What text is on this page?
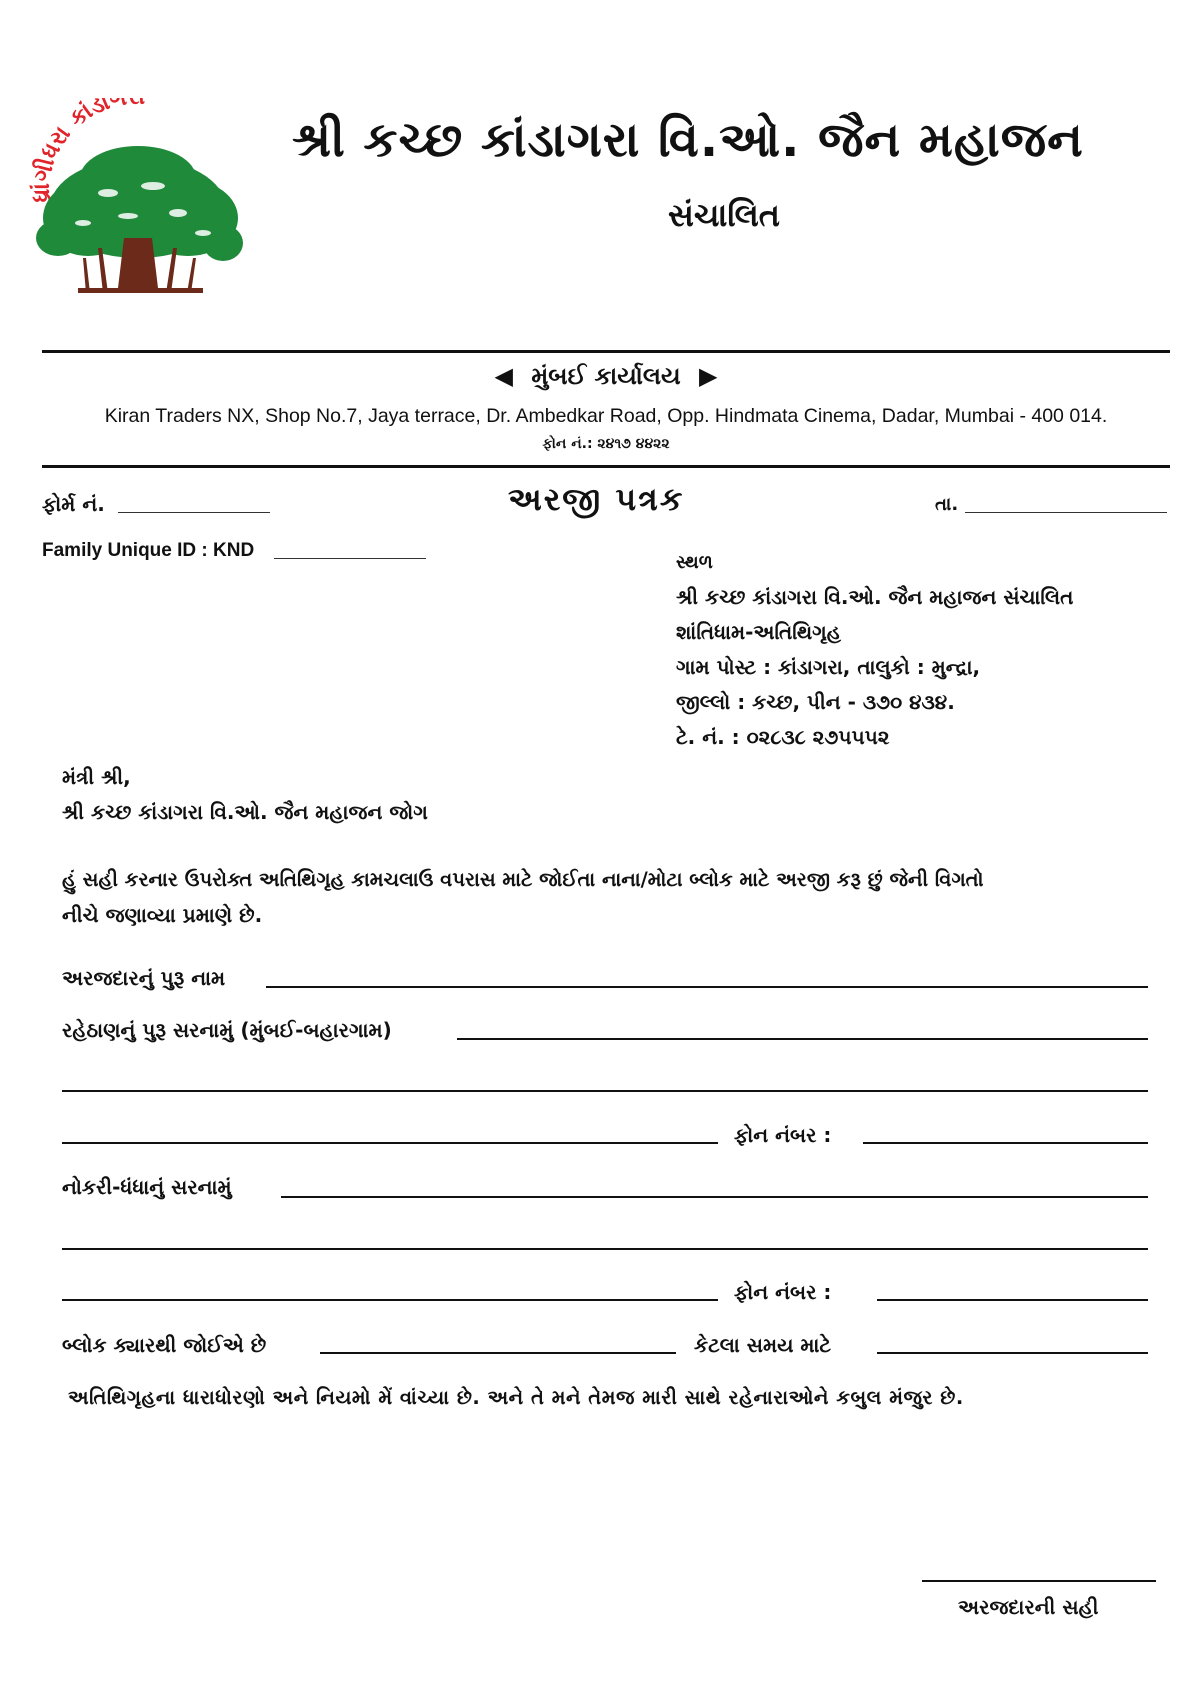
ધ્રાંગીધરા કાંડાગ
શ્રી કચ્છ કાંડાગરા વિ.ઓ. જૈન મહાજન
સંચાલિત
◀ મુંબઈ કાર્યાલય ▶
Kiran Traders NX, Shop No.7, Jaya terrace, Dr. Ambedkar Road, Opp. Hindmata Cinema, Dadar, Mumbai - 400 014.
ફોન નં.: ૨૪૧૭ ૪૪૨૨
ફોર્મ નં.	અરજી પત્રક	તા.
Family Unique ID : KND
સ્થળ
શ્રી કચ્છ કાંડાગરા વિ.ઓ. જૈન મહાજન સંચાલિત
શાંતિધામ-અતિથિગૃહ
ગામ પોસ્ટ : કાંડાગરા, તાલુકો : મુન્દ્રા,
જીલ્લો : કચ્છ, પીન - ૩૭૦ ૪૩૪.
ટે. નં. : ૦૨૮૩૮ ૨૭૫૫૫૨
મંત્રી શ્રી,
શ્રી કચ્છ કાંડાગરા વિ.ઓ. જૈન મહાજન જોગ
હું સહી કરનાર ઉપરોક્ત અતિથિગૃહ કામચલાઉ વપરાસ માટે જોઈતા નાના/મોટા બ્લોક માટે અરજી કરૂ છું જેની વિગતો
નીચે જણાવ્યા પ્રમાણે છે.
અરજદારનું પુરૂ નામ
રહેઠાણનું પુરૂ સરનામું (મુંબઈ-બહારગામ)
ફોન નંબર :
નોકરી-ધંધાનું સરનામું
ફોન નંબર :
બ્લોક ક્યારથી જોઈએ છે	કેટલા સમય માટે
અતિથિગૃહના ધારાધોરણો અને નિયમો મેં વાંચ્યા છે. અને તે મને તેમજ મારી સાથે રહેનારાઓને કબુલ મંજુર છે.
અરજદારની સહી
